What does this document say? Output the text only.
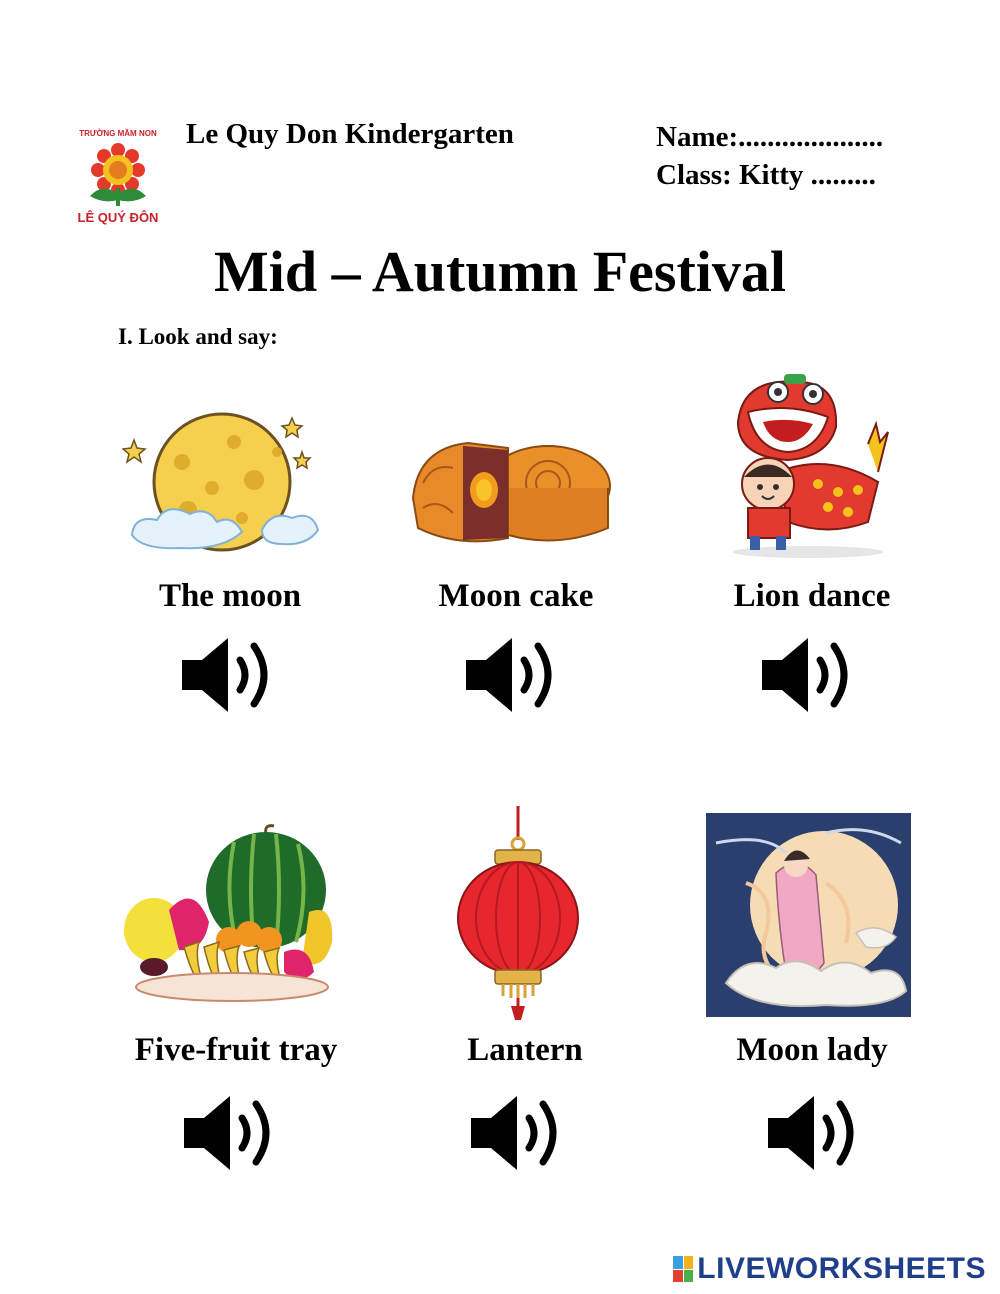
TRƯỜNG MẦM NON
LÊ QUÝ ĐÔN
Le Quy Don Kindergarten	Name:....................
Class: Kitty .........
Mid – Autumn Festival
I. Look and say:
The moon	Moon cake	Lion dance
Five-fruit tray	Lantern	Moon lady
LIVEWORKSHEETS
